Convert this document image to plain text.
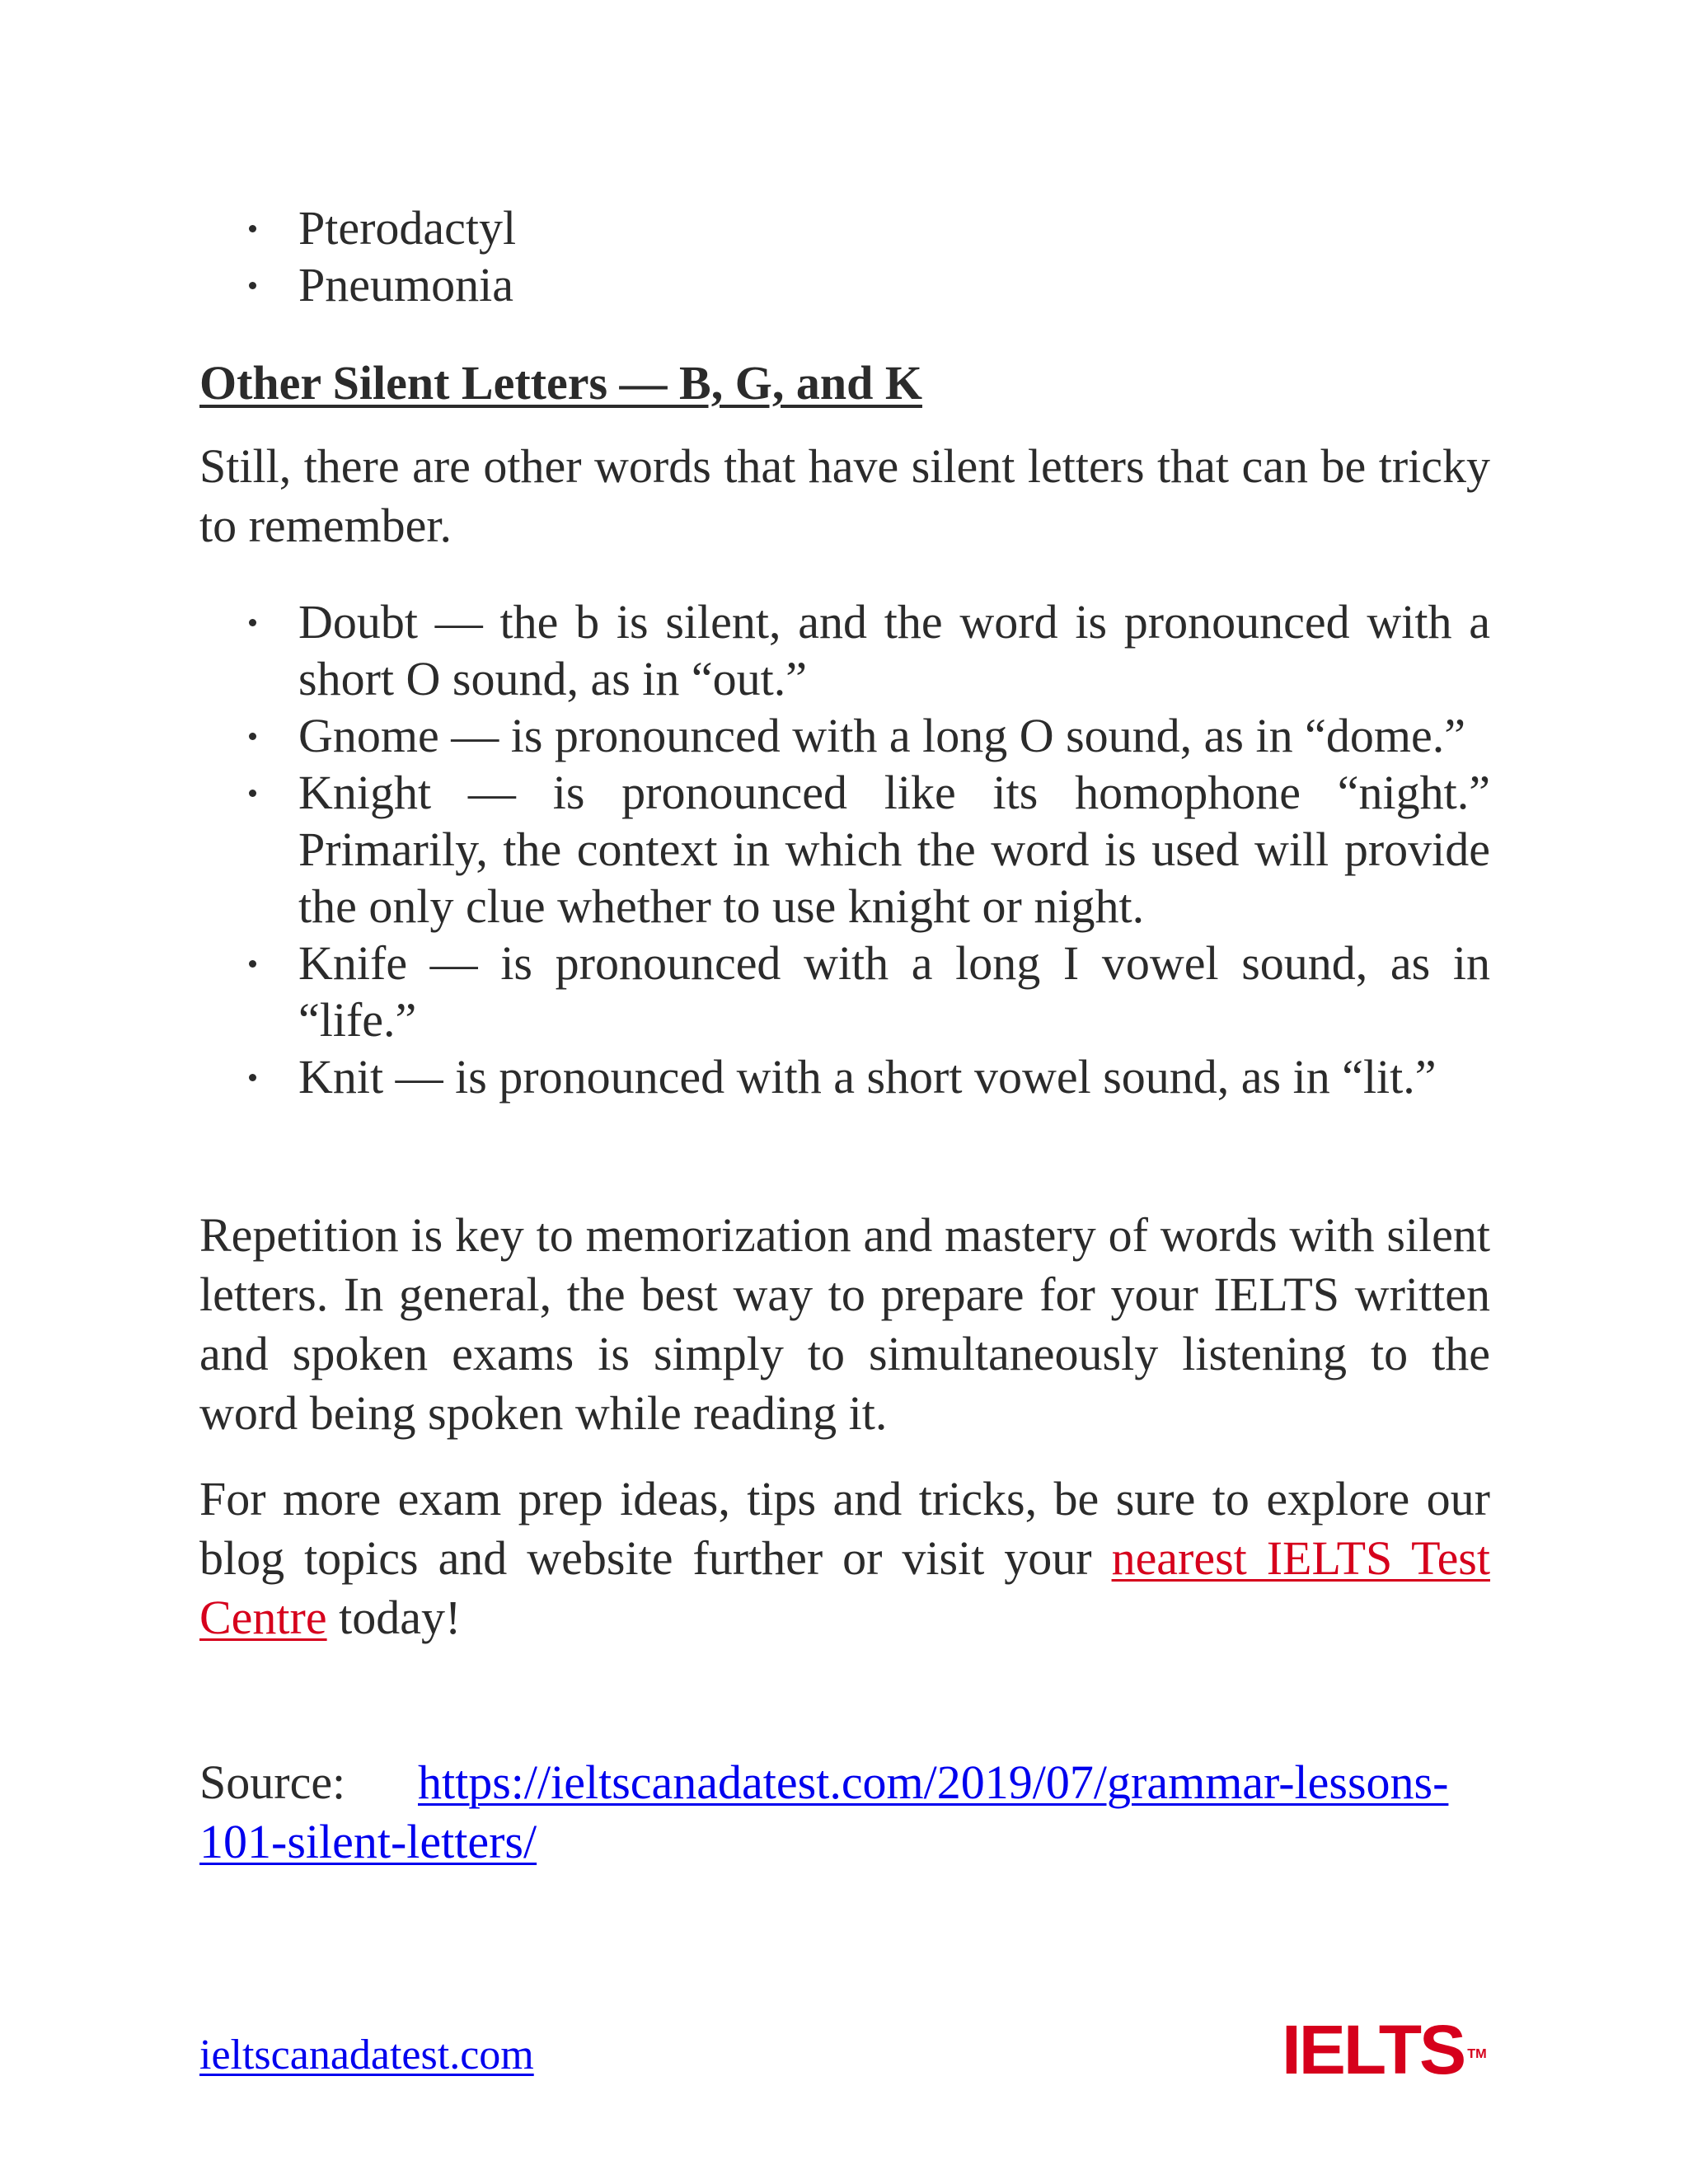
Pterodactyl
Pneumonia
Other Silent Letters — B, G, and K

Still, there are other words that have silent letters that can be tricky to remember.

Doubt — the b is silent, and the word is pronounced with a short O sound, as in “out.”
Gnome — is pronounced with a long O sound, as in “dome.”
Knight — is pronounced like its homophone “night.” Primarily, the context in which the word is used will provide the only clue whether to use knight or night.
Knife — is pronounced with a long I vowel sound, as in “life.”
Knit — is pronounced with a short vowel sound, as in “lit.”

Repetition is key to memorization and mastery of words with silent letters. In general, the best way to prepare for your IELTS written and spoken exams is simply to simultaneously listening to the word being spoken while reading it.

For more exam prep ideas, tips and tricks, be sure to explore our blog topics and website further or visit your nearest IELTS Test Centre today!

Source: https://ieltscanadatest.com/2019/07/grammar-lessons-101-silent-letters/

ieltscanadatest.com	IELTS ™
